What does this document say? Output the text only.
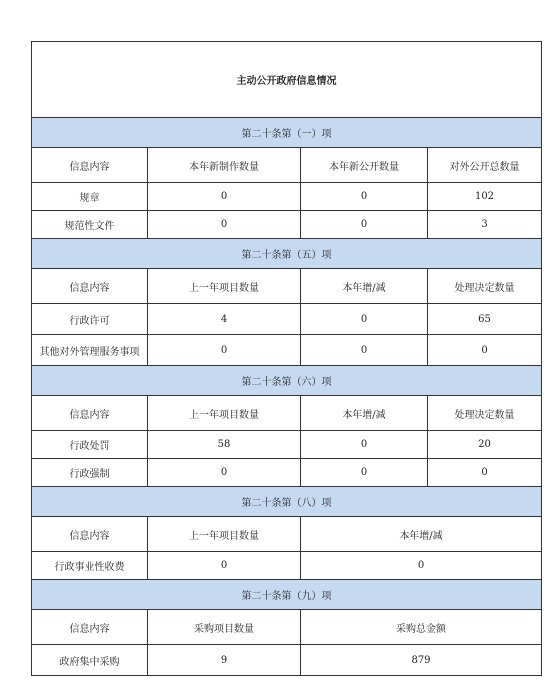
主动公开政府信息情况			
第二十条第（一）项			
信息内容	本年新制作数量	本年新公开数量	对外公开总数量
规章	0	0	102
规范性文件	0	0	3
第二十条第（五）项			
信息内容	上一年项目数量	本年增/减	处理决定数量
行政许可	4	0	65
其他对外管理服务事项	0	0	0
第二十条第（六）项			
信息内容	上一年项目数量	本年增/减	处理决定数量
行政处罚	58	0	20
行政强制	0	0	0
第二十条第（八）项			
信息内容	上一年项目数量	本年增/减	
行政事业性收费	0	0	
第二十条第（九）项			
信息内容	采购项目数量	采购总金额	
政府集中采购	9	879	
